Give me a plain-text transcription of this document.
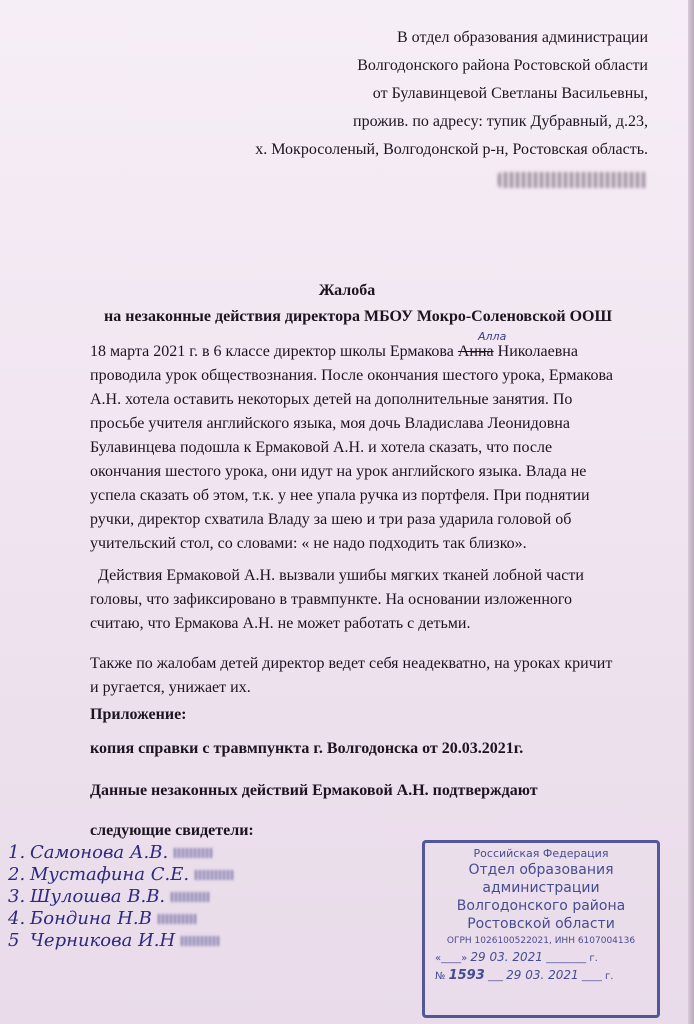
В отдел образования администрации
Волгодонского района Ростовской области
от Булавинцевой Светланы Васильевны,
прожив. по адресу: тупик Дубравный, д.23,
х. Мокросоленый, Волгодонской р-н, Ростовская область.
Жалоба
на незаконные действия директора МБОУ Мокро-Соленовской ООШ
Алла
18 марта 2021 г. в 6 классе директор школы Ермакова Анна Николаевна
проводила урок обществознания. После окончания шестого урока, Ермакова
А.Н. хотела оставить некоторых детей на дополнительные занятия. По
просьбе учителя английского языка, моя дочь Владислава Леонидовна
Булавинцева подошла к Ермаковой А.Н. и хотела сказать, что после
окончания шестого урока, они идут на урок английского языка. Влада не
успела сказать об этом, т.к. у нее упала ручка из портфеля. При поднятии
ручки, директор схватила Владу за шею и три раза ударила головой об
учительский стол, со словами: « не надо подходить так близко».
Действия Ермаковой А.Н. вызвали ушибы мягких тканей лобной части
головы, что зафиксировано в травмпункте. На основании изложенного
считаю, что Ермакова А.Н. не может работать с детьми.
Также по жалобам детей директор ведет себя неадекватно, на уроках кричит
и ругается, унижает их.
Приложение:
копия справки с травмпункта г. Волгодонска от 20.03.2021г.
Данные незаконных действий Ермаковой А.Н. подтверждают
следующие свидетели:
1. Самонова А.В.
2. Мустафина С.Е.
3. Шулошва В.В.
4. Бондина Н.В
5 Черникова И.Н
Российская Федерация
Отдел образования
администрации
Волгодонского района
Ростовской области
ОГРН 1026100522021, ИНН 6107004136
«____» 29 03. 2021 ________ г.
№ 1593 ___ 29 03. 2021 ____ г.
